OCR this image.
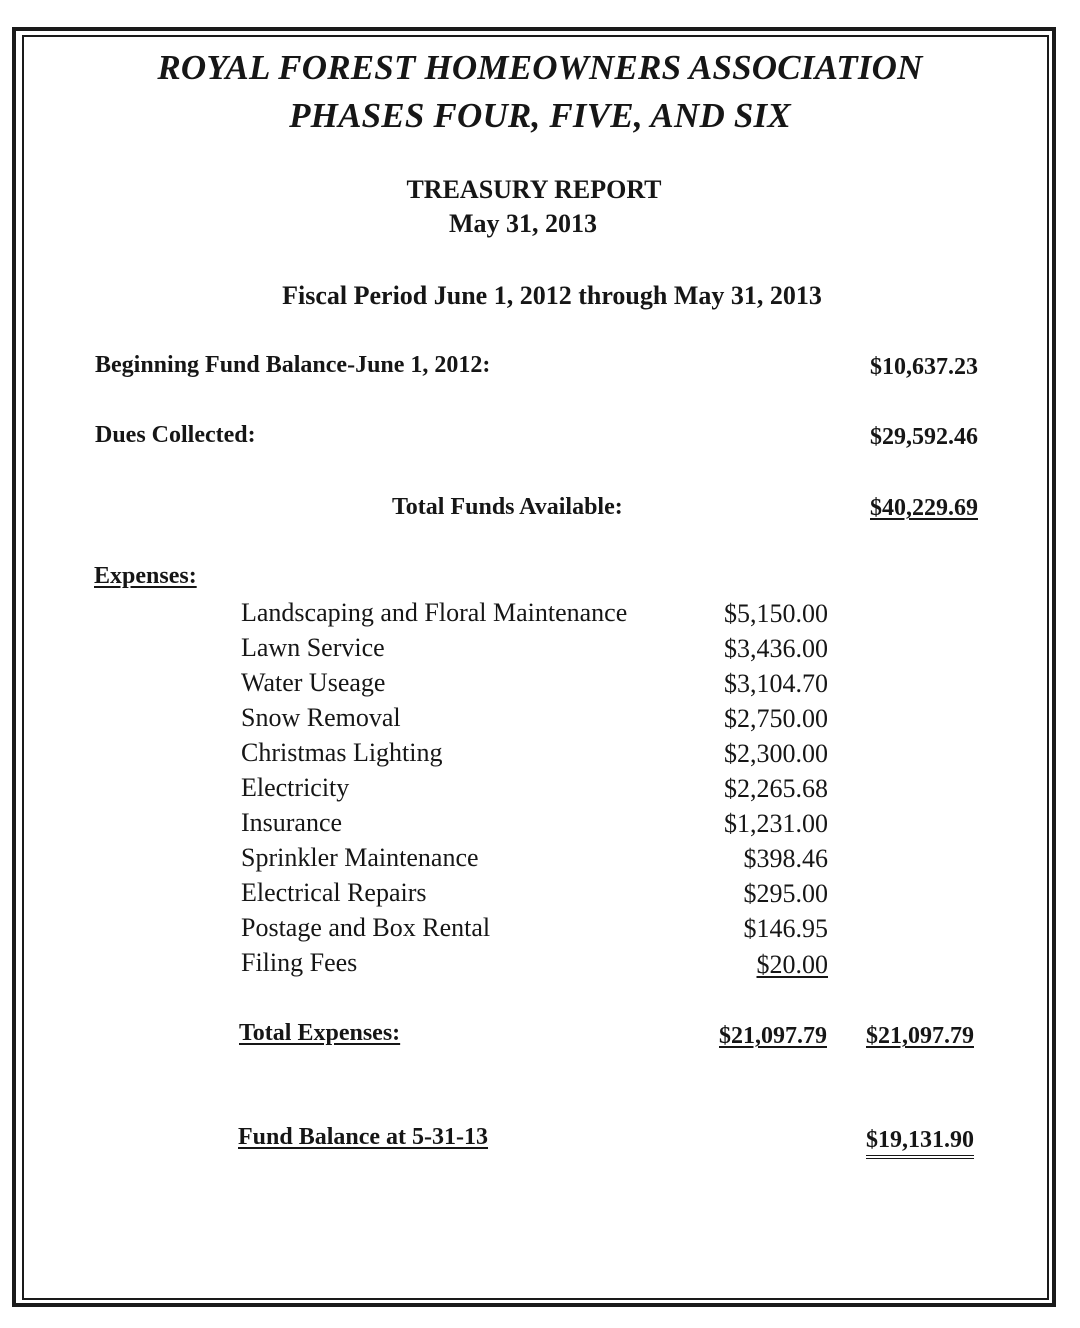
ROYAL FOREST HOMEOWNERS ASSOCIATION
PHASES FOUR, FIVE, AND SIX
TREASURY REPORT
May 31, 2013
Fiscal Period June 1, 2012 through May 31, 2013
Beginning Fund Balance-June 1, 2012:	$10,637.23
Dues Collected:	$29,592.46
Total Funds Available:	$40,229.69
Expenses:
Landscaping and Floral Maintenance	$5,150.00
Lawn Service	$3,436.00
Water Useage	$3,104.70
Snow Removal	$2,750.00
Christmas Lighting	$2,300.00
Electricity	$2,265.68
Insurance	$1,231.00
Sprinkler Maintenance	$398.46
Electrical Repairs	$295.00
Postage and Box Rental	$146.95
Filing Fees	$20.00
Total Expenses:	$21,097.79 $21,097.79
Fund Balance at 5-31-13	$19,131.90
